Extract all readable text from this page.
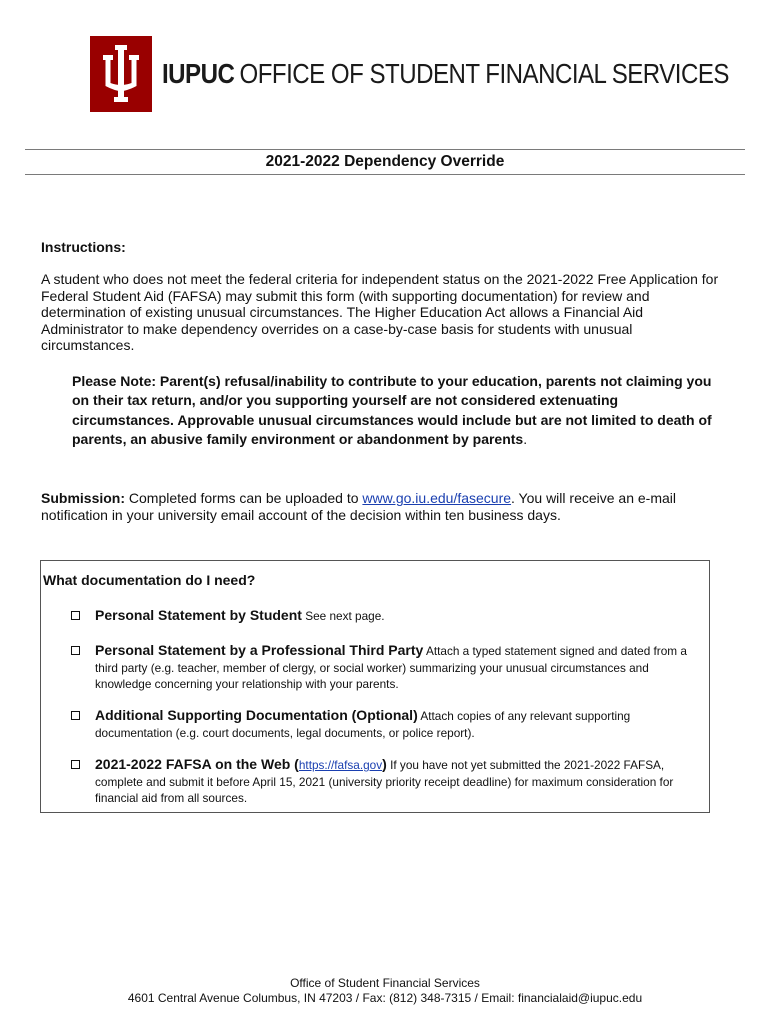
IUPUC OFFICE OF STUDENT FINANCIAL SERVICES
2021-2022 Dependency Override
Instructions:
A student who does not meet the federal criteria for independent status on the 2021-2022 Free Application for Federal Student Aid (FAFSA) may submit this form (with supporting documentation) for review and determination of existing unusual circumstances. The Higher Education Act allows a Financial Aid Administrator to make dependency overrides on a case-by-case basis for students with unusual circumstances.
Please Note: Parent(s) refusal/inability to contribute to your education, parents not claiming you on their tax return, and/or you supporting yourself are not considered extenuating circumstances. Approvable unusual circumstances would include but are not limited to death of parents, an abusive family environment or abandonment by parents.
Submission: Completed forms can be uploaded to www.go.iu.edu/fasecure. You will receive an e-mail notification in your university email account of the decision within ten business days.
What documentation do I need?
Personal Statement by Student See next page.
Personal Statement by a Professional Third Party Attach a typed statement signed and dated from a third party (e.g. teacher, member of clergy, or social worker) summarizing your unusual circumstances and knowledge concerning your relationship with your parents.
Additional Supporting Documentation (Optional) Attach copies of any relevant supporting documentation (e.g. court documents, legal documents, or police report).
2021-2022 FAFSA on the Web (https://fafsa.gov) If you have not yet submitted the 2021-2022 FAFSA, complete and submit it before April 15, 2021 (university priority receipt deadline) for maximum consideration for financial aid from all sources.
Office of Student Financial Services
4601 Central Avenue Columbus, IN 47203 / Fax: (812) 348-7315 / Email: financialaid@iupuc.edu
